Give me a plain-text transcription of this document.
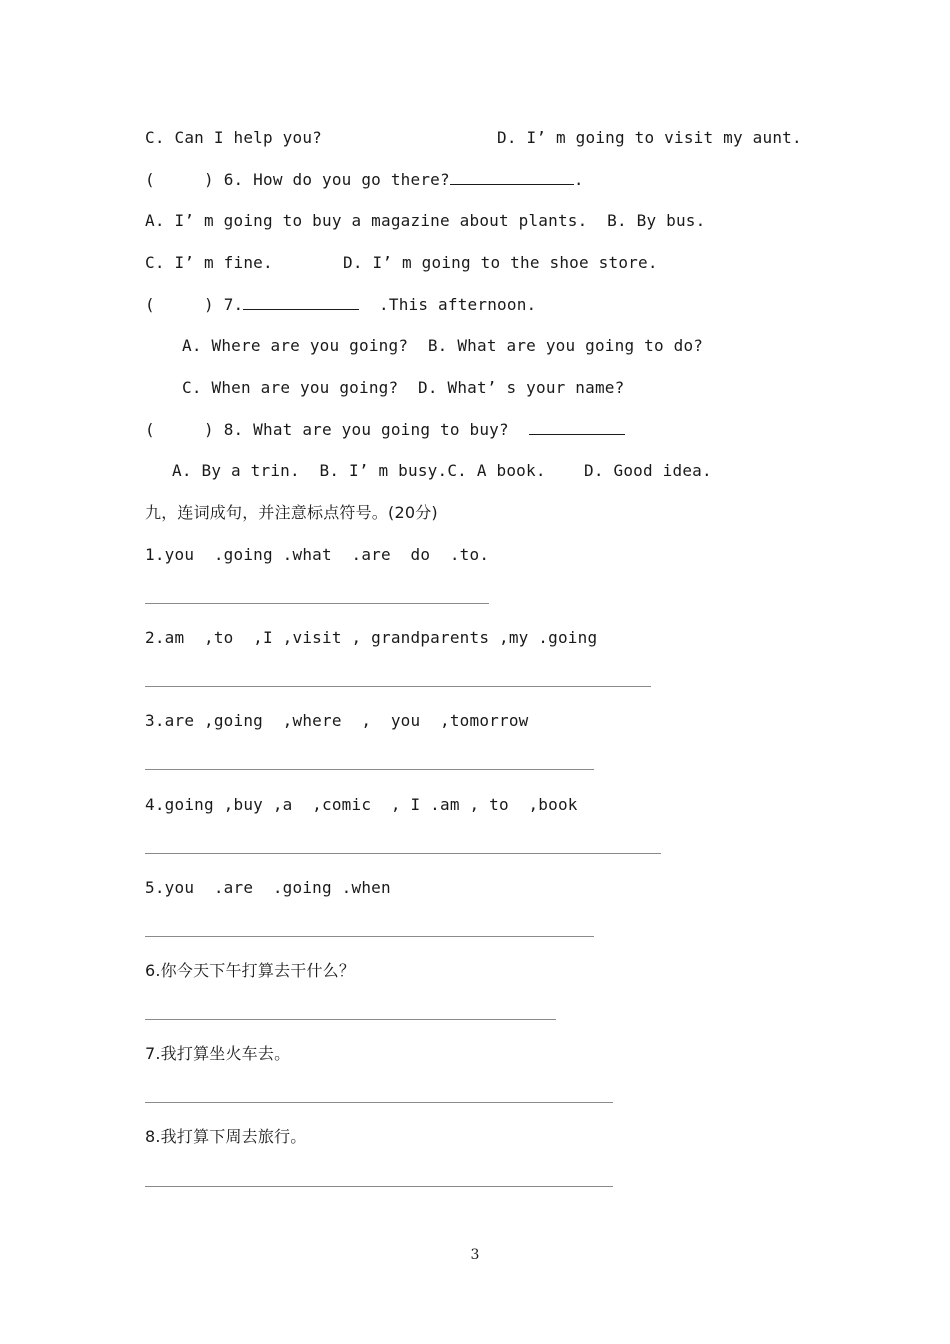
C. Can I help you?	D. I’ m going to visit my aunt.
(     ) 6. How do you go there?	.
A. I’ m going to buy a magazine about plants.  B. By bus.
C. I’ m fine.	D. I’ m going to the shoe store.
(     ) 7.	.This afternoon.
A. Where are you going?  B. What are you going to do?
C. When are you going?  D. What’ s your name?
(     ) 8. What are you going to buy?
A. By a trin.  B. I’ m busy.C. A book. D. Good idea.
九，连词成句，并注意标点符号。(20分)
1.you  .going .what  .are  do  .to.
2.am  ,to  ,I ,visit , grandparents ,my .going
3.are ,going  ,where  ,  you  ,tomorrow
4.going ,buy ,a  ,comic  , I .am , to  ,book
5.you  .are  .going .when
6.你今天下午打算去干什么？
7.我打算坐火车去。
8.我打算下周去旅行。
3
